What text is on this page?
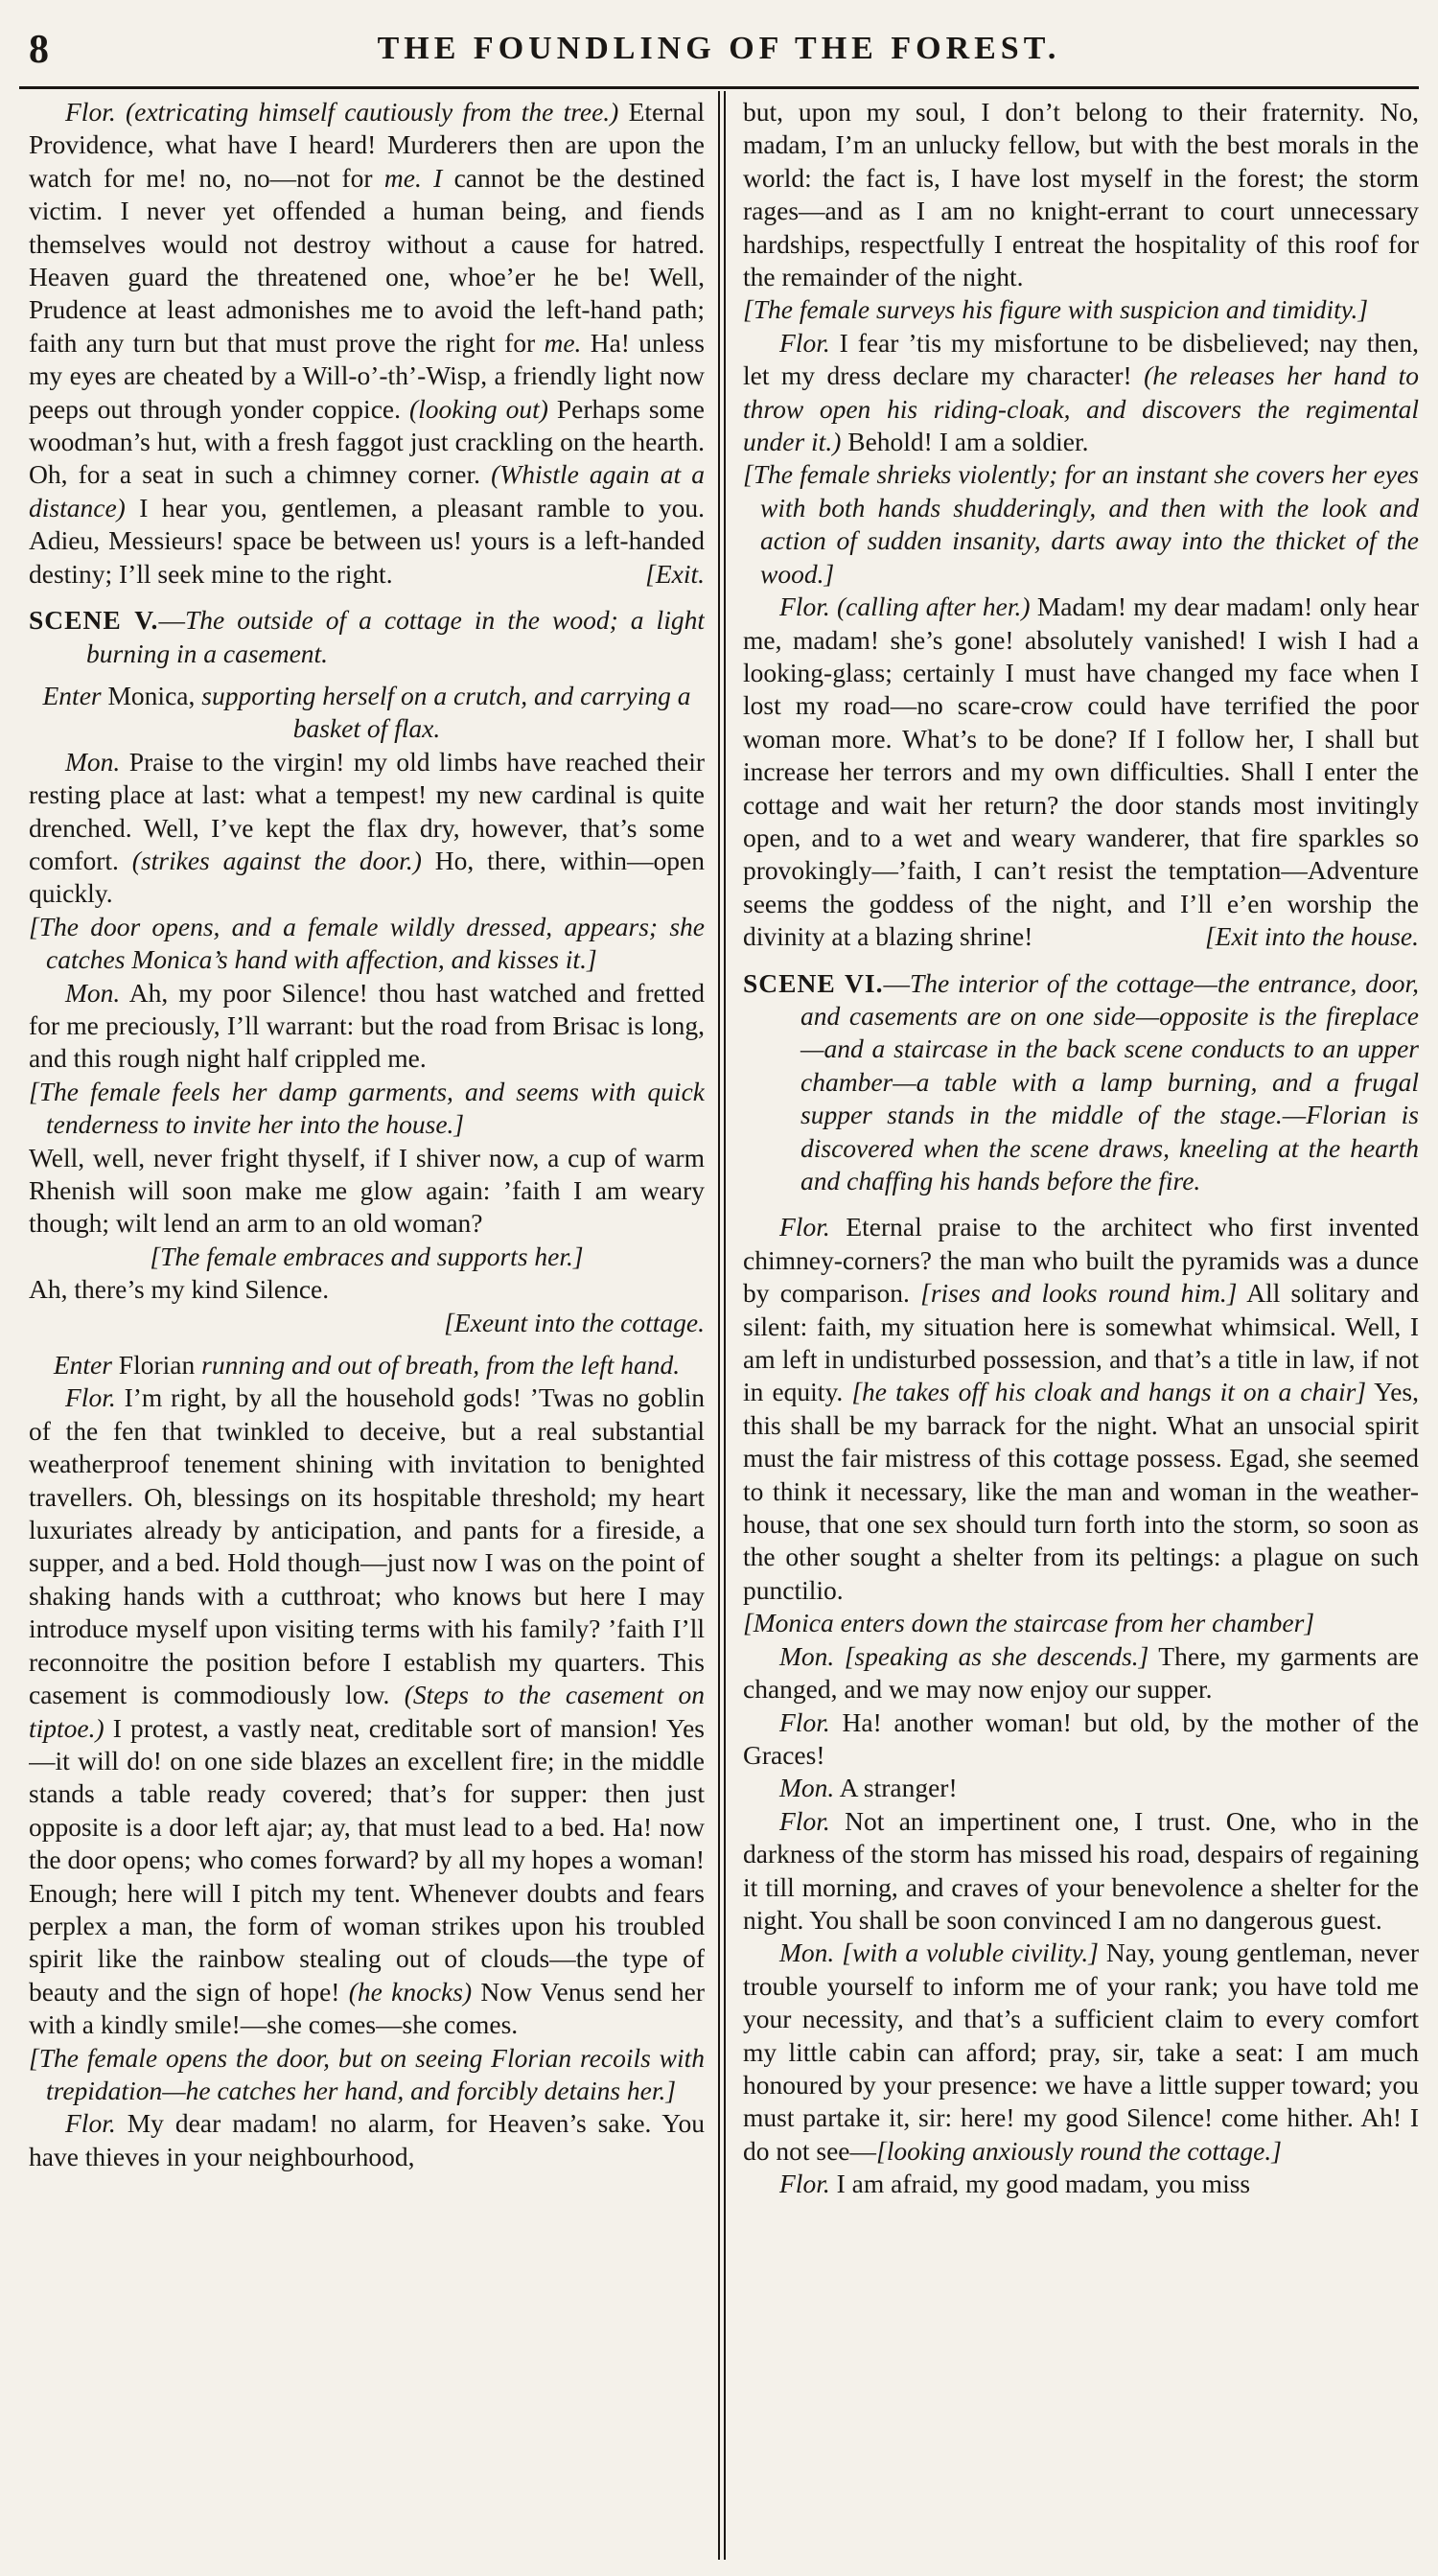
8	THE FOUNDLING OF THE FOREST.

Flor. (extricating himself cautiously from the tree.) Eternal Providence, what have I heard! Murderers then are upon the watch for me! no, no—not for me. I cannot be the destined victim. I never yet offended a human being, and fiends themselves would not destroy without a cause for hatred. Heaven guard the threatened one, whoe’er he be! Well, Prudence at least admonishes me to avoid the left-hand path; faith any turn but that must prove the right for me. Ha! unless my eyes are cheated by a Will-o’-th’-Wisp, a friendly light now peeps out through yonder coppice. (looking out) Perhaps some woodman’s hut, with a fresh faggot just crackling on the hearth. Oh, for a seat in such a chimney corner. (Whistle again at a distance) I hear you, gentlemen, a pleasant ramble to you. Adieu, Messieurs! space be between us! yours is a left-handed destiny; I’ll seek mine to the right.	[Exit.

SCENE V.—The outside of a cottage in the wood; a light burning in a casement.

Enter Monica, supporting herself on a crutch, and carrying a basket of flax.

Mon. Praise to the virgin! my old limbs have reached their resting place at last: what a tempest! my new cardinal is quite drenched. Well, I’ve kept the flax dry, however, that’s some comfort. (strikes against the door.) Ho, there, within—open quickly.

[The door opens, and a female wildly dressed, appears; she catches Monica’s hand with affection, and kisses it.]

Mon. Ah, my poor Silence! thou hast watched and fretted for me preciously, I’ll warrant: but the road from Brisac is long, and this rough night half crippled me.

[The female feels her damp garments, and seems with quick tenderness to invite her into the house.]

Well, well, never fright thyself, if I shiver now, a cup of warm Rhenish will soon make me glow again: ’faith I am weary though; wilt lend an arm to an old woman?

[The female embraces and supports her.]

Ah, there’s my kind Silence.

[Exeunt into the cottage.

Enter Florian running and out of breath, from the left hand.

Flor. I’m right, by all the household gods! ’Twas no goblin of the fen that twinkled to deceive, but a real substantial weatherproof tenement shining with invitation to benighted travellers. Oh, blessings on its hospitable threshold; my heart luxuriates already by anticipation, and pants for a fireside, a supper, and a bed. Hold though—just now I was on the point of shaking hands with a cutthroat; who knows but here I may introduce myself upon visiting terms with his family? ’faith I’ll reconnoitre the position before I establish my quarters. This casement is commodiously low. (Steps to the casement on tiptoe.) I protest, a vastly neat, creditable sort of mansion! Yes—it will do! on one side blazes an excellent fire; in the middle stands a table ready covered; that’s for supper: then just opposite is a door left ajar; ay, that must lead to a bed. Ha! now the door opens; who comes forward? by all my hopes a woman! Enough; here will I pitch my tent. Whenever doubts and fears perplex a man, the form of woman strikes upon his troubled spirit like the rainbow stealing out of clouds—the type of beauty and the sign of hope! (he knocks) Now Venus send her with a kindly smile!—she comes—she comes.

[The female opens the door, but on seeing Florian recoils with trepidation—he catches her hand, and forcibly detains her.]

Flor. My dear madam! no alarm, for Heaven’s sake. You have thieves in your neighbourhood,

but, upon my soul, I don’t belong to their fraternity. No, madam, I’m an unlucky fellow, but with the best morals in the world: the fact is, I have lost myself in the forest; the storm rages—and as I am no knight-errant to court unnecessary hardships, respectfully I entreat the hospitality of this roof for the remainder of the night.

[The female surveys his figure with suspicion and timidity.]

Flor. I fear ’tis my misfortune to be disbelieved; nay then, let my dress declare my character! (he releases her hand to throw open his riding-cloak, and discovers the regimental under it.) Behold! I am a soldier.

[The female shrieks violently; for an instant she covers her eyes with both hands shudderingly, and then with the look and action of sudden insanity, darts away into the thicket of the wood.]

Flor. (calling after her.) Madam! my dear madam! only hear me, madam! she’s gone! absolutely vanished! I wish I had a looking-glass; certainly I must have changed my face when I lost my road—no scare-crow could have terrified the poor woman more. What’s to be done? If I follow her, I shall but increase her terrors and my own difficulties. Shall I enter the cottage and wait her return? the door stands most invitingly open, and to a wet and weary wanderer, that fire sparkles so provokingly—’faith, I can’t resist the temptation—Adventure seems the goddess of the night, and I’ll e’en worship the divinity at a blazing shrine!	[Exit into the house.

SCENE VI.—The interior of the cottage—the entrance, door, and casements are on one side—opposite is the fireplace—and a staircase in the back scene conducts to an upper chamber—a table with a lamp burning, and a frugal supper stands in the middle of the stage.—Florian is discovered when the scene draws, kneeling at the hearth and chaffing his hands before the fire.

Flor. Eternal praise to the architect who first invented chimney-corners? the man who built the pyramids was a dunce by comparison. [rises and looks round him.] All solitary and silent: faith, my situation here is somewhat whimsical. Well, I am left in undisturbed possession, and that’s a title in law, if not in equity. [he takes off his cloak and hangs it on a chair] Yes, this shall be my barrack for the night. What an unsocial spirit must the fair mistress of this cottage possess. Egad, she seemed to think it necessary, like the man and woman in the weather-house, that one sex should turn forth into the storm, so soon as the other sought a shelter from its peltings: a plague on such punctilio.

[Monica enters down the staircase from her chamber]

Mon. [speaking as she descends.] There, my garments are changed, and we may now enjoy our supper.

Flor. Ha! another woman! but old, by the mother of the Graces!

Mon. A stranger!

Flor. Not an impertinent one, I trust. One, who in the darkness of the storm has missed his road, despairs of regaining it till morning, and craves of your benevolence a shelter for the night. You shall be soon convinced I am no dangerous guest.

Mon. [with a voluble civility.] Nay, young gentleman, never trouble yourself to inform me of your rank; you have told me your necessity, and that’s a sufficient claim to every comfort my little cabin can afford; pray, sir, take a seat: I am much honoured by your presence: we have a little supper toward; you must partake it, sir: here! my good Silence! come hither. Ah! I do not see—[looking anxiously round the cottage.]

Flor. I am afraid, my good madam, you miss
